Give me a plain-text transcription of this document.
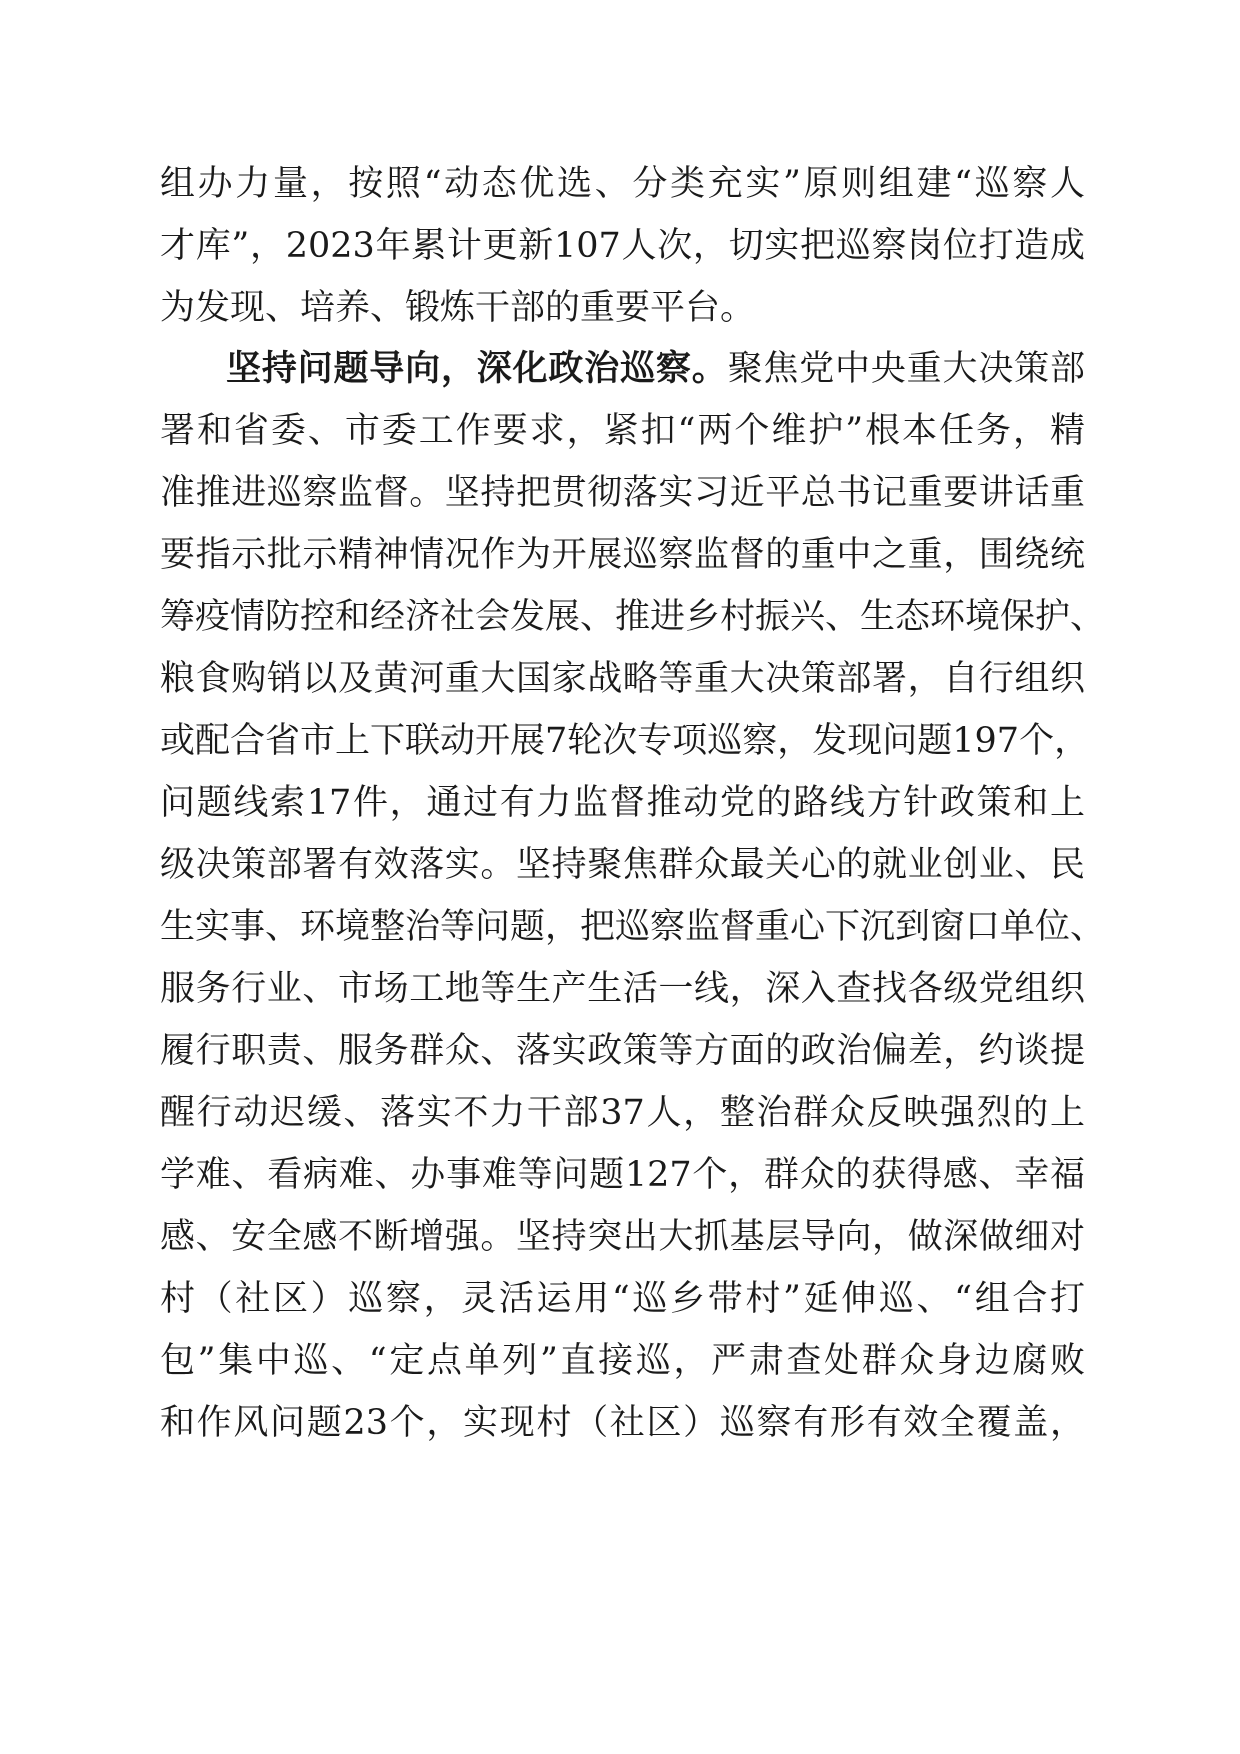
组办力量，按照“动态优选、分类充实”原则组建“巡察人
才库”，2023年累计更新107人次，切实把巡察岗位打造成
为发现、培养、锻炼干部的重要平台。
坚持问题导向，深化政治巡察。聚焦党中央重大决策部
署和省委、市委工作要求，紧扣“两个维护”根本任务，精
准推进巡察监督。坚持把贯彻落实习近平总书记重要讲话重
要指示批示精神情况作为开展巡察监督的重中之重，围绕统
筹疫情防控和经济社会发展、推进乡村振兴、生态环境保护、
粮食购销以及黄河重大国家战略等重大决策部署，自行组织
或配合省市上下联动开展7轮次专项巡察，发现问题197个，
问题线索17件，通过有力监督推动党的路线方针政策和上
级决策部署有效落实。坚持聚焦群众最关心的就业创业、民
生实事、环境整治等问题，把巡察监督重心下沉到窗口单位、
服务行业、市场工地等生产生活一线，深入查找各级党组织
履行职责、服务群众、落实政策等方面的政治偏差，约谈提
醒行动迟缓、落实不力干部37人，整治群众反映强烈的上
学难、看病难、办事难等问题127个，群众的获得感、幸福
感、安全感不断增强。坚持突出大抓基层导向，做深做细对
村（社区）巡察，灵活运用“巡乡带村”延伸巡、“组合打
包”集中巡、“定点单列”直接巡，严肃查处群众身边腐败
和作风问题23个，实现村（社区）巡察有形有效全覆盖，
